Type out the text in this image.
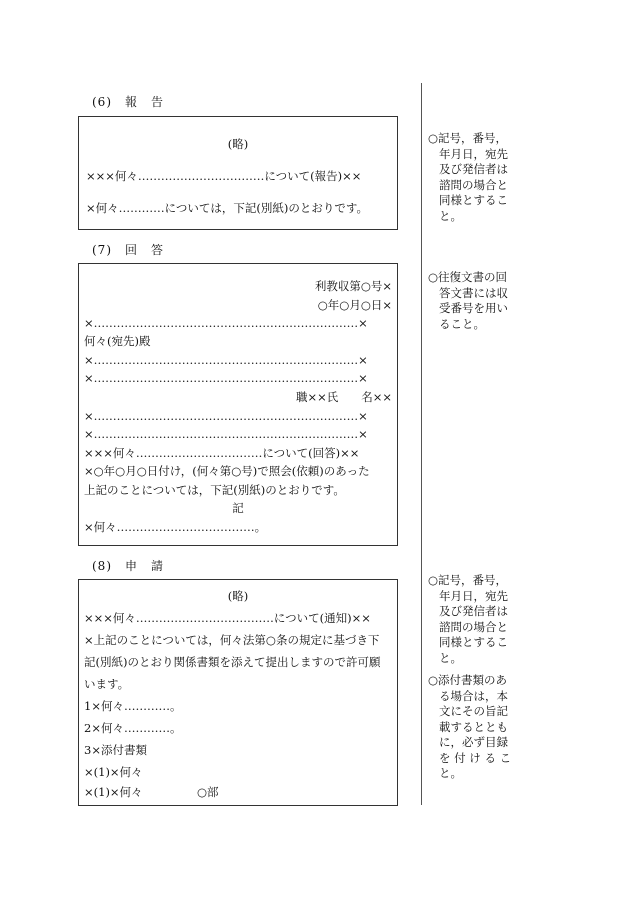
(6)　報　告
(略)
×××何々……………………………について(報告)××
×何々…………については，下記(別紙)のとおりです。
(7)　回　答
利教収第○号×
○年○月○日×
×……………………………………………………………×
何々(宛先)殿
×……………………………………………………………×
×……………………………………………………………×
職××氏　　名××
×……………………………………………………………×
×……………………………………………………………×
×××何々……………………………について(回答)××
×○年○月○日付け，(何々第○号)で照会(依頼)のあった
上記のことについては，下記(別紙)のとおりです。
記
×何々………………………………。
(8)　申　請
(略)
×××何々………………………………について(通知)××
×上記のことについては，何々法第○条の規定に基づき下
記(別紙)のとおり関係書類を添えて提出しますので許可願
います。
1×何々…………。
2×何々…………。
3×添付書類
×(1)×何々
×(1)×何々	○部
○記号，番号，
年月日，宛先
及び発信者は
諮問の場合と
同様とするこ
と。
○往復文書の回
答文書には収
受番号を用い
ること。
○記号，番号，
年月日，宛先
及び発信者は
諮問の場合と
同様とするこ
と。
○添付書類のあ
る場合は，本
文にその旨記
載するととも
に，必ず目録
を 付 け る こ
と。
